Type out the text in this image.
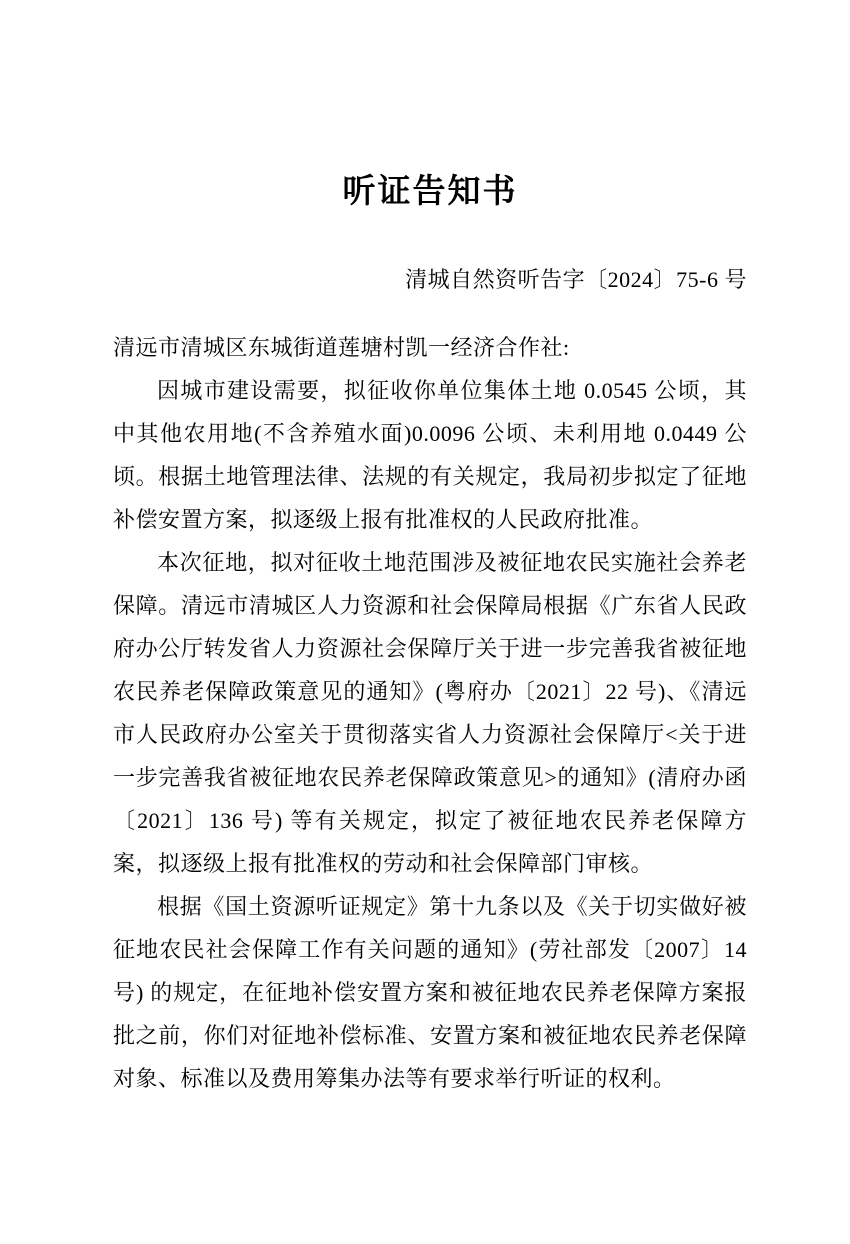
听证告知书
清城自然资听告字〔2024〕75-6 号

清远市清城区东城街道莲塘村凯一经济合作社:

因城市建设需要，拟征收你单位集体土地 0.0545 公顷，其中其他农用地(不含养殖水面)0.0096 公顷、未利用地 0.0449 公顷。根据土地管理法律、法规的有关规定，我局初步拟定了征地补偿安置方案，拟逐级上报有批准权的人民政府批准。

本次征地，拟对征收土地范围涉及被征地农民实施社会养老保障。清远市清城区人力资源和社会保障局根据《广东省人民政府办公厅转发省人力资源社会保障厅关于进一步完善我省被征地农民养老保障政策意见的通知》(粤府办〔2021〕22 号)、《清远市人民政府办公室关于贯彻落实省人力资源社会保障厅<关于进一步完善我省被征地农民养老保障政策意见>的通知》(清府办函〔2021〕136 号) 等有关规定，拟定了被征地农民养老保障方案，拟逐级上报有批准权的劳动和社会保障部门审核。

根据《国土资源听证规定》第十九条以及《关于切实做好被征地农民社会保障工作有关问题的通知》(劳社部发〔2007〕14 号) 的规定，在征地补偿安置方案和被征地农民养老保障方案报批之前，你们对征地补偿标准、安置方案和被征地农民养老保障对象、标准以及费用筹集办法等有要求举行听证的权利。
